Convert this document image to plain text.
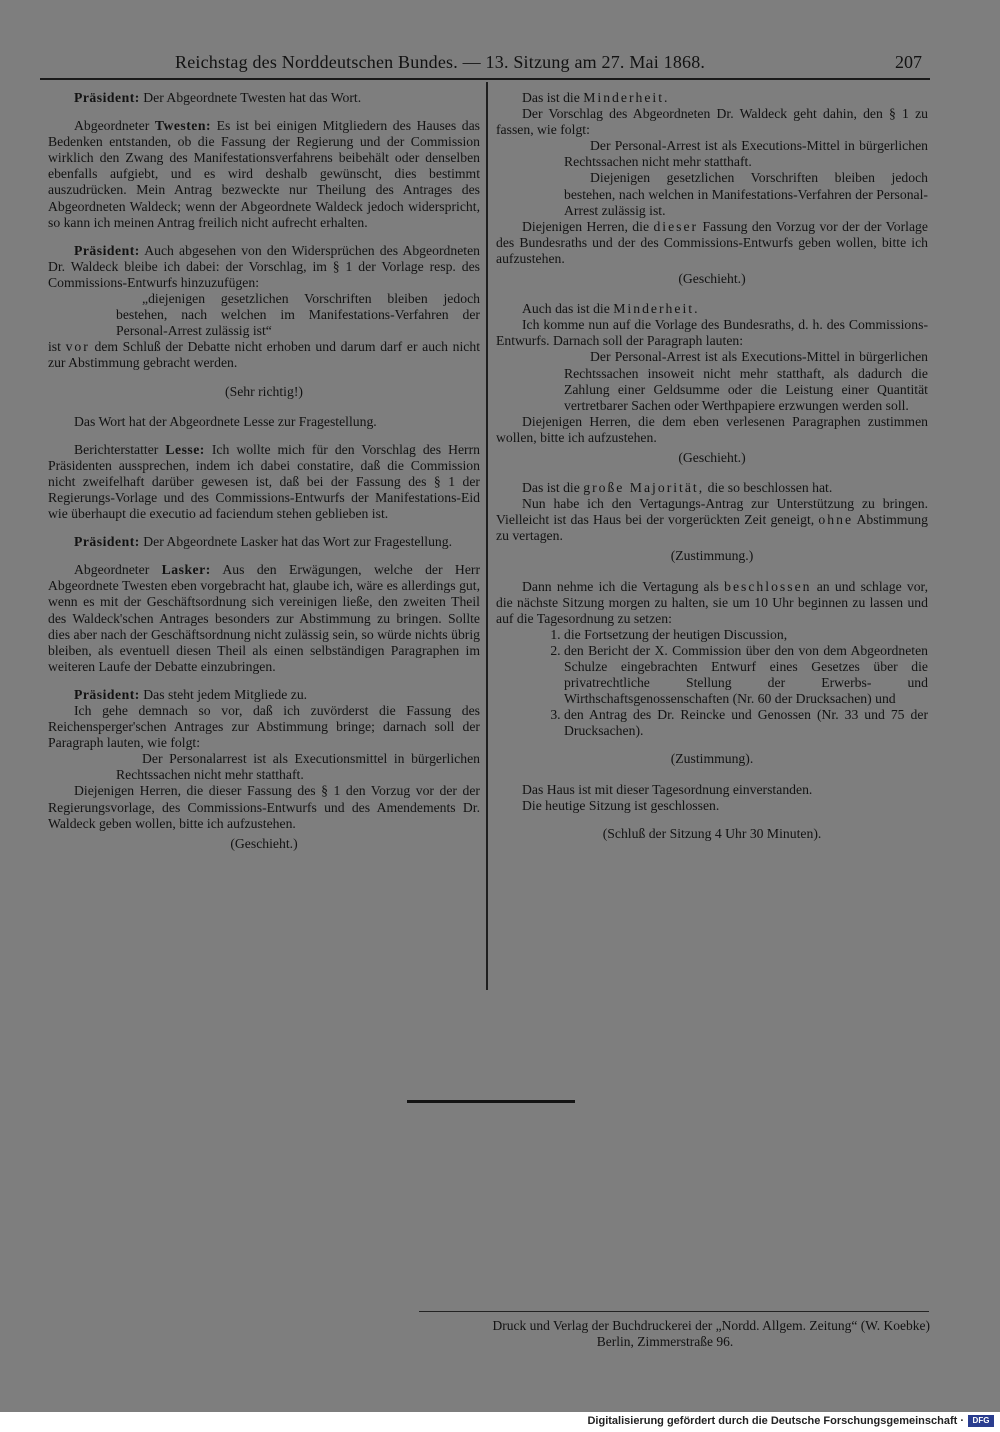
Reichstag des Norddeutschen Bundes. — 13. Sitzung am 27. Mai 1868.	207

Präsident: Der Abgeordnete Twesten hat das Wort.

Abgeordneter Twesten: Es ist bei einigen Mitgliedern des Hauses das Bedenken entstanden, ob die Fassung der Regierung und der Commission wirklich den Zwang des Manifestationsverfahrens beibehält oder denselben ebenfalls aufgiebt, und es wird deshalb gewünscht, dies bestimmt auszudrücken. Mein Antrag bezweckte nur Theilung des Antrages des Abgeordneten Waldeck; wenn der Abgeordnete Waldeck jedoch widerspricht, so kann ich meinen Antrag freilich nicht aufrecht erhalten.

Präsident: Auch abgesehen von den Widersprüchen des Abgeordneten Dr. Waldeck bleibe ich dabei: der Vorschlag, im § 1 der Vorlage resp. des Commissions-Entwurfs hinzuzufügen:

„diejenigen gesetzlichen Vorschriften bleiben jedoch bestehen, nach welchen im Manifestations-Verfahren der Personal-Arrest zulässig ist“

ist vor dem Schluß der Debatte nicht erhoben und darum darf er auch nicht zur Abstimmung gebracht werden.

(Sehr richtig!)

Das Wort hat der Abgeordnete Lesse zur Fragestellung.

Berichterstatter Lesse: Ich wollte mich für den Vorschlag des Herrn Präsidenten aussprechen, indem ich dabei constatire, daß die Commission nicht zweifelhaft darüber gewesen ist, daß bei der Fassung des § 1 der Regierungs-Vorlage und des Commissions-Entwurfs der Manifestations-Eid wie überhaupt die executio ad faciendum stehen geblieben ist.

Präsident: Der Abgeordnete Lasker hat das Wort zur Fragestellung.

Abgeordneter Lasker: Aus den Erwägungen, welche der Herr Abgeordnete Twesten eben vorgebracht hat, glaube ich, wäre es allerdings gut, wenn es mit der Geschäftsordnung sich vereinigen ließe, den zweiten Theil des Waldeck'schen Antrages besonders zur Abstimmung zu bringen. Sollte dies aber nach der Geschäftsordnung nicht zulässig sein, so würde nichts übrig bleiben, als eventuell diesen Theil als einen selbständigen Paragraphen im weiteren Laufe der Debatte einzubringen.

Präsident: Das steht jedem Mitgliede zu.

Ich gehe demnach so vor, daß ich zuvörderst die Fassung des Reichensperger'schen Antrages zur Abstimmung bringe; darnach soll der Paragraph lauten, wie folgt:

Der Personalarrest ist als Executionsmittel in bürgerlichen Rechtssachen nicht mehr statthaft.

Diejenigen Herren, die dieser Fassung des § 1 den Vorzug vor der der Regierungsvorlage, des Commissions-Entwurfs und des Amendements Dr. Waldeck geben wollen, bitte ich aufzustehen.

(Geschieht.)

Das ist die Minderheit.

Der Vorschlag des Abgeordneten Dr. Waldeck geht dahin, den § 1 zu fassen, wie folgt:

Der Personal-Arrest ist als Executions-Mittel in bürgerlichen Rechtssachen nicht mehr statthaft.

Diejenigen gesetzlichen Vorschriften bleiben jedoch bestehen, nach welchen in Manifestations-Verfahren der Personal-Arrest zulässig ist.

Diejenigen Herren, die dieser Fassung den Vorzug vor der der Vorlage des Bundesraths und der des Commissions-Entwurfs geben wollen, bitte ich aufzustehen.

(Geschieht.)

Auch das ist die Minderheit.

Ich komme nun auf die Vorlage des Bundesraths, d. h. des Commissions-Entwurfs. Darnach soll der Paragraph lauten:

Der Personal-Arrest ist als Executions-Mittel in bürgerlichen Rechtssachen insoweit nicht mehr statthaft, als dadurch die Zahlung einer Geldsumme oder die Leistung einer Quantität vertretbarer Sachen oder Werthpapiere erzwungen werden soll.

Diejenigen Herren, die dem eben verlesenen Paragraphen zustimmen wollen, bitte ich aufzustehen.

(Geschieht.)

Das ist die große Majorität, die so beschlossen hat.

Nun habe ich den Vertagungs-Antrag zur Unterstützung zu bringen. Vielleicht ist das Haus bei der vorgerückten Zeit geneigt, ohne Abstimmung zu vertagen.

(Zustimmung.)

Dann nehme ich die Vertagung als beschlossen an und schlage vor, die nächste Sitzung morgen zu halten, sie um 10 Uhr beginnen zu lassen und auf die Tagesordnung zu setzen:

1. die Fortsetzung der heutigen Discussion,
2. den Bericht der X. Commission über den von dem Abgeordneten Schulze eingebrachten Entwurf eines Gesetzes über die privatrechtliche Stellung der Erwerbs- und Wirthschaftsgenossenschaften (Nr. 60 der Drucksachen) und
3. den Antrag des Dr. Reincke und Genossen (Nr. 33 und 75 der Drucksachen).

(Zustimmung).

Das Haus ist mit dieser Tagesordnung einverstanden.

Die heutige Sitzung ist geschlossen.

(Schluß der Sitzung 4 Uhr 30 Minuten).

Druck und Verlag der Buchdruckerei der „Nordd. Allgem. Zeitung“ (W. Koebke)
Berlin, Zimmerstraße 96.
Digitalisierung gefördert durch die Deutsche Forschungsgemeinschaft ·	DFG
